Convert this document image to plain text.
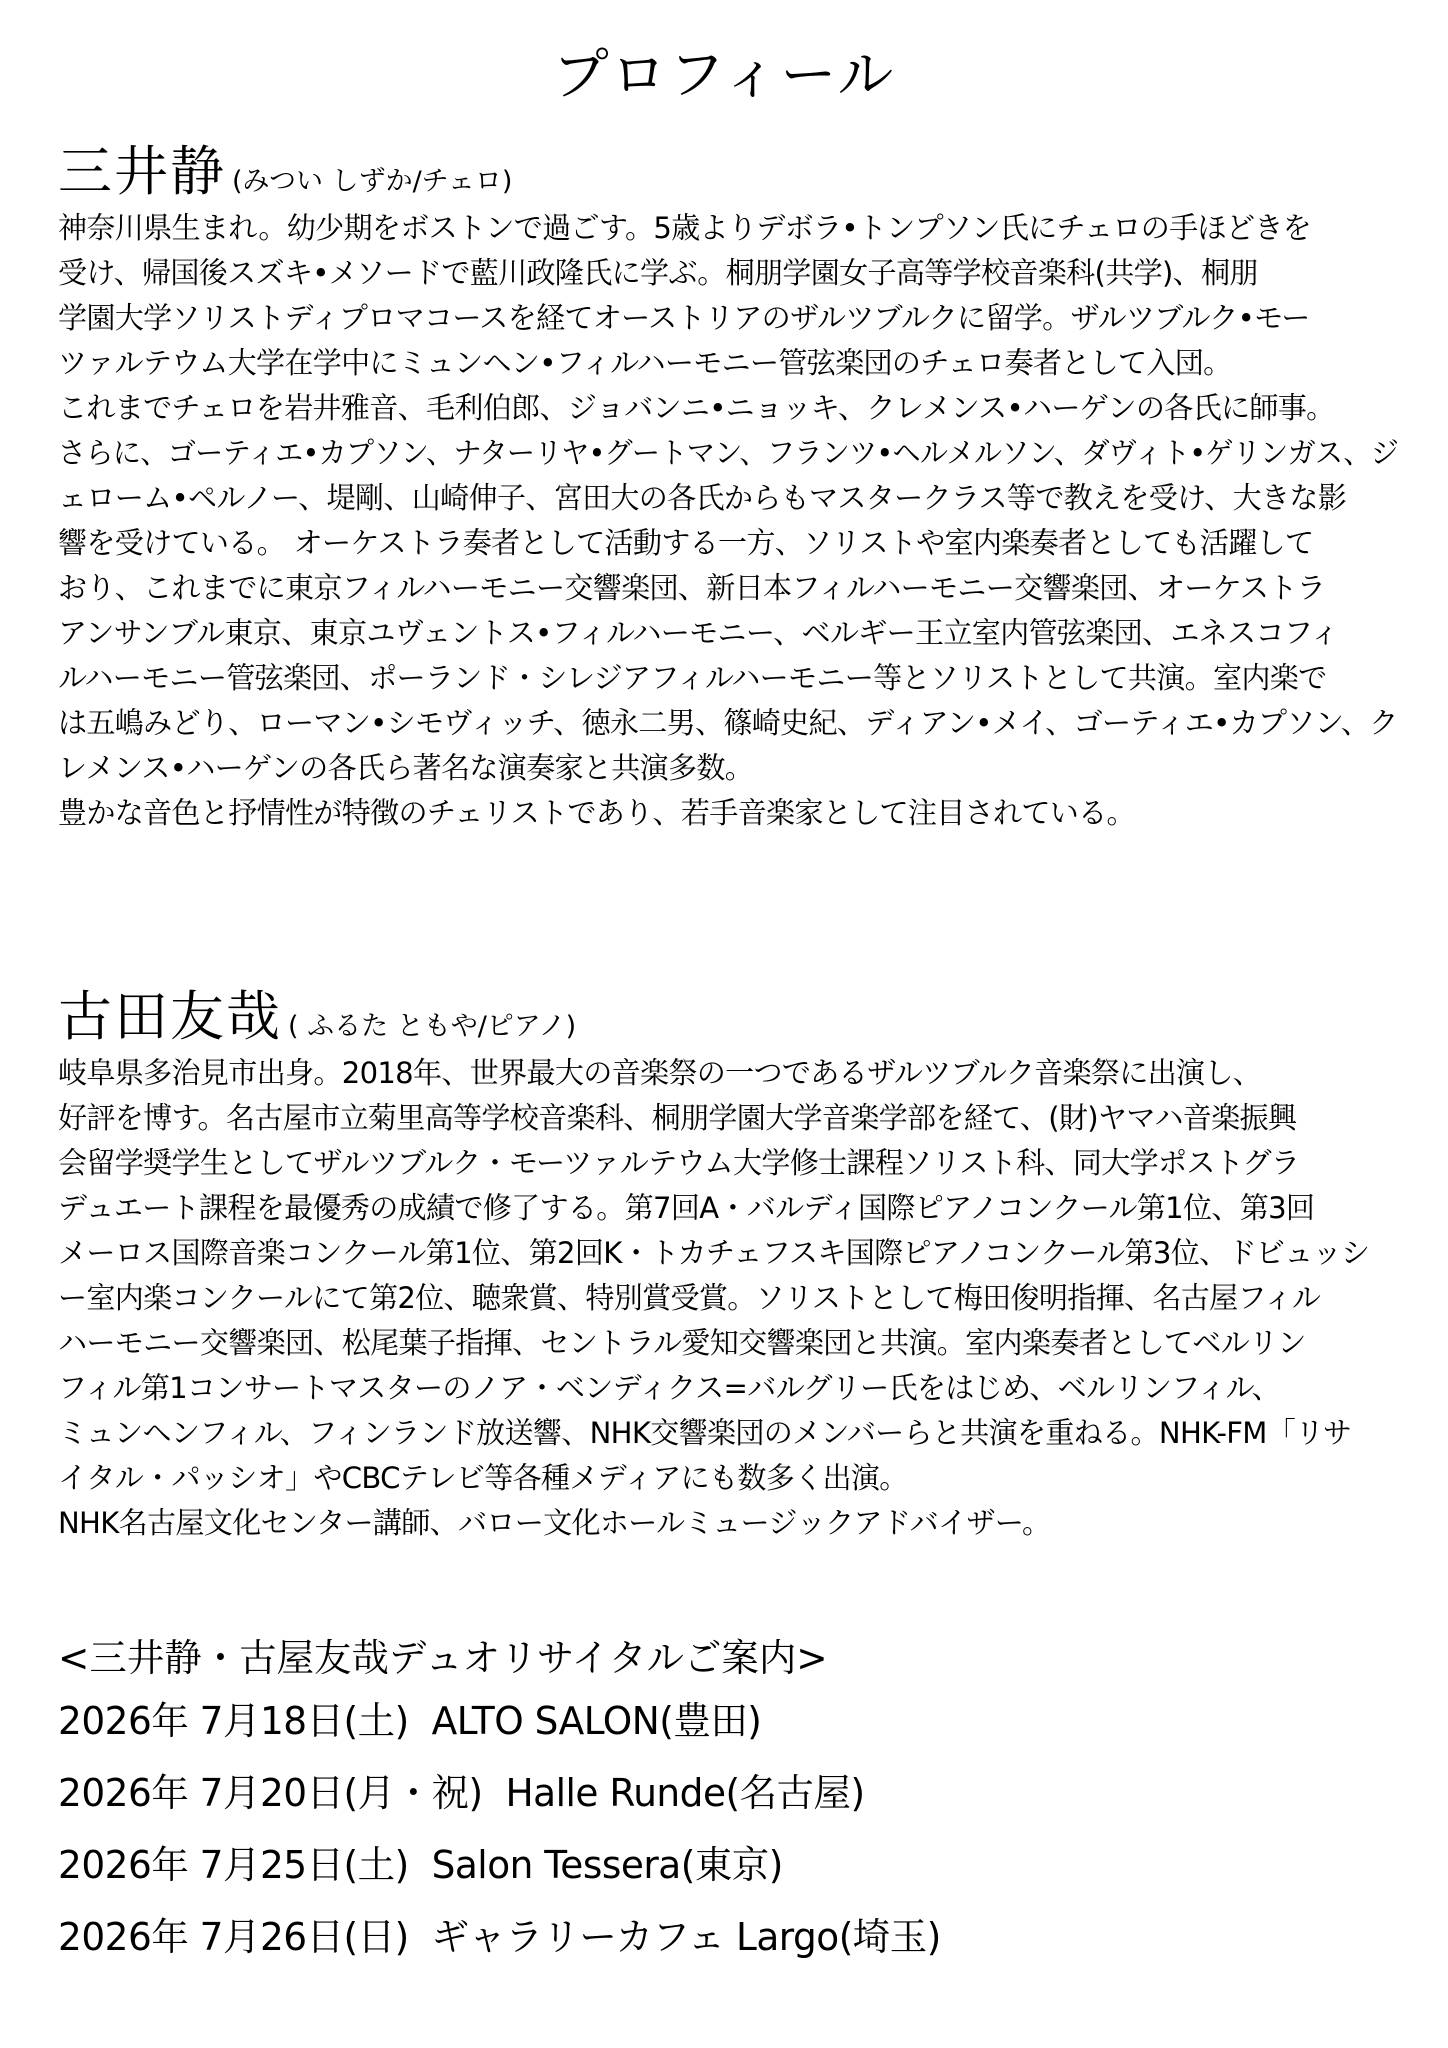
プロフィール
三井静 (みつい しずか/チェロ)
神奈川県生まれ。幼少期をボストンで過ごす。5歳よりデボラ•トンプソン氏にチェロの手ほどきを
受け、帰国後スズキ•メソードで藍川政隆氏に学ぶ。桐朋学園女子高等学校音楽科(共学)、桐朋
学園大学ソリストディプロマコースを経てオーストリアのザルツブルクに留学。ザルツブルク•モー
ツァルテウム大学在学中にミュンヘン•フィルハーモニー管弦楽団のチェロ奏者として入団。
これまでチェロを岩井雅音、毛利伯郎、ジョバンニ•ニョッキ、クレメンス•ハーゲンの各氏に師事。
さらに、ゴーティエ•カプソン、ナターリヤ•グートマン、フランツ•ヘルメルソン、ダヴィト•ゲリンガス、ジ
ェローム•ペルノー、堤剛、山崎伸子、宮田大の各氏からもマスタークラス等で教えを受け、大きな影
響を受けている。 オーケストラ奏者として活動する一方、ソリストや室内楽奏者としても活躍して
おり、これまでに東京フィルハーモニー交響楽団、新日本フィルハーモニー交響楽団、オーケストラ
アンサンブル東京、東京ユヴェントス•フィルハーモニー、ベルギー王立室内管弦楽団、エネスコフィ
ルハーモニー管弦楽団、ポーランド・シレジアフィルハーモニー等とソリストとして共演。室内楽で
は五嶋みどり、ローマン•シモヴィッチ、徳永二男、篠崎史紀、ディアン•メイ、ゴーティエ•カプソン、ク
レメンス•ハーゲンの各氏ら著名な演奏家と共演多数。
豊かな音色と抒情性が特徴のチェリストであり、若手音楽家として注目されている。
古田友哉 ( ふるた ともや/ピアノ)
岐阜県多治見市出身。2018年、世界最大の音楽祭の一つであるザルツブルク音楽祭に出演し、
好評を博す。名古屋市立菊里高等学校音楽科、桐朋学園大学音楽学部を経て、(財)ヤマハ音楽振興
会留学奨学生としてザルツブルク・モーツァルテウム大学修士課程ソリスト科、同大学ポストグラ
デュエート課程を最優秀の成績で修了する。第7回A・バルディ国際ピアノコンクール第1位、第3回
メーロス国際音楽コンクール第1位、第2回K・トカチェフスキ国際ピアノコンクール第3位、ドビュッシ
ー室内楽コンクールにて第2位、聴衆賞、特別賞受賞。ソリストとして梅田俊明指揮、名古屋フィル
ハーモニー交響楽団、松尾葉子指揮、セントラル愛知交響楽団と共演。室内楽奏者としてベルリン
フィル第1コンサートマスターのノア・ベンディクス=バルグリー氏をはじめ、ベルリンフィル、
ミュンヘンフィル、フィンランド放送響、NHK交響楽団のメンバーらと共演を重ねる。NHK-FM「リサ
イタル・パッシオ」やCBCテレビ等各種メディアにも数多く出演。
NHK名古屋文化センター講師、バロー文化ホールミュージックアドバイザー。
<三井静・古屋友哉デュオリサイタルご案内>
2026年 7月18日(土) ALTO SALON(豊田)
2026年 7月20日(月・祝) Halle Runde(名古屋)
2026年 7月25日(土) Salon Tessera(東京)
2026年 7月26日(日) ギャラリーカフェ Largo(埼玉)
